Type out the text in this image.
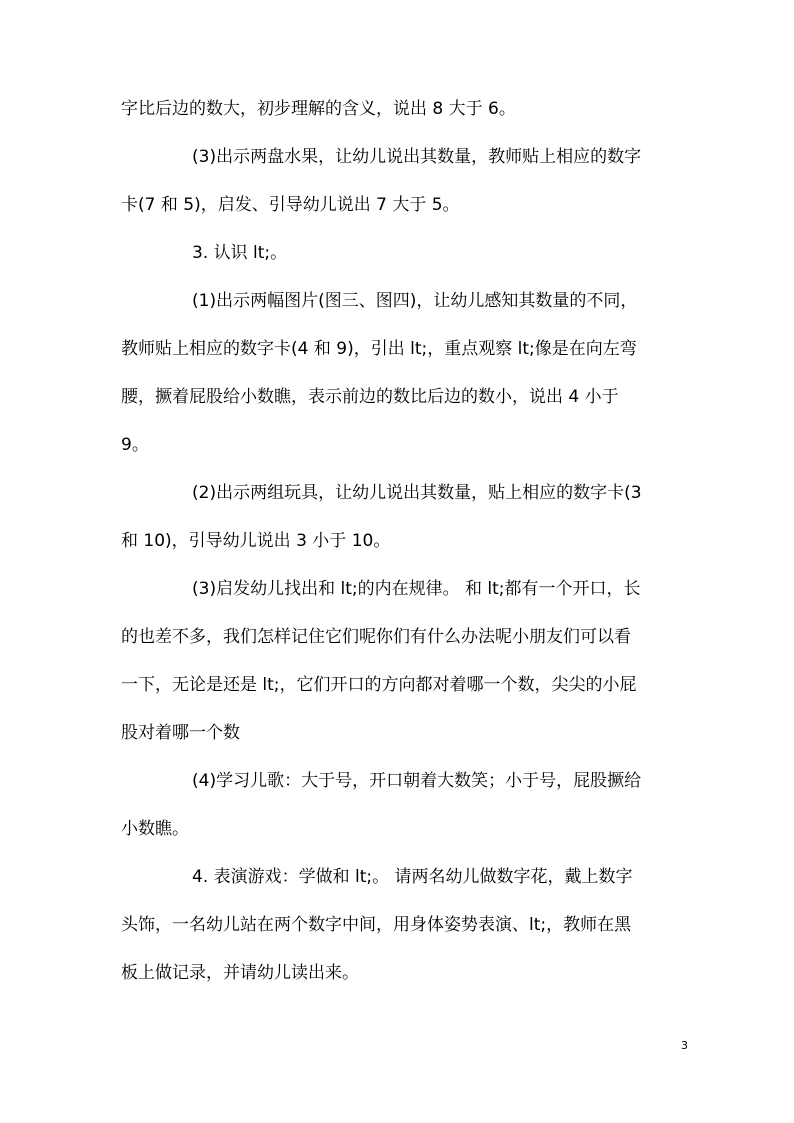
字比后边的数大，初步理解的含义，说出 8 大于 6。
(3)出示两盘水果，让幼儿说出其数量，教师贴上相应的数字
卡(7 和 5)，启发、引导幼儿说出 7 大于 5。
3. 认识 lt;。
(1)出示两幅图片(图三、图四)，让幼儿感知其数量的不同，
教师贴上相应的数字卡(4 和 9)，引出 lt;，重点观察 lt;像是在向左弯
腰，撅着屁股给小数瞧，表示前边的数比后边的数小，说出 4 小于
9。
(2)出示两组玩具，让幼儿说出其数量，贴上相应的数字卡(3
和 10)，引导幼儿说出 3 小于 10。
(3)启发幼儿找出和 lt;的内在规律。 和 lt;都有一个开口，长
的也差不多，我们怎样记住它们呢你们有什么办法呢小朋友们可以看
一下，无论是还是 lt;，它们开口的方向都对着哪一个数，尖尖的小屁
股对着哪一个数
(4)学习儿歌：大于号，开口朝着大数笑；小于号，屁股撅给
小数瞧。
4. 表演游戏：学做和 lt;。 请两名幼儿做数字花，戴上数字
头饰，一名幼儿站在两个数字中间，用身体姿势表演、lt;，教师在黑
板上做记录，并请幼儿读出来。
3
